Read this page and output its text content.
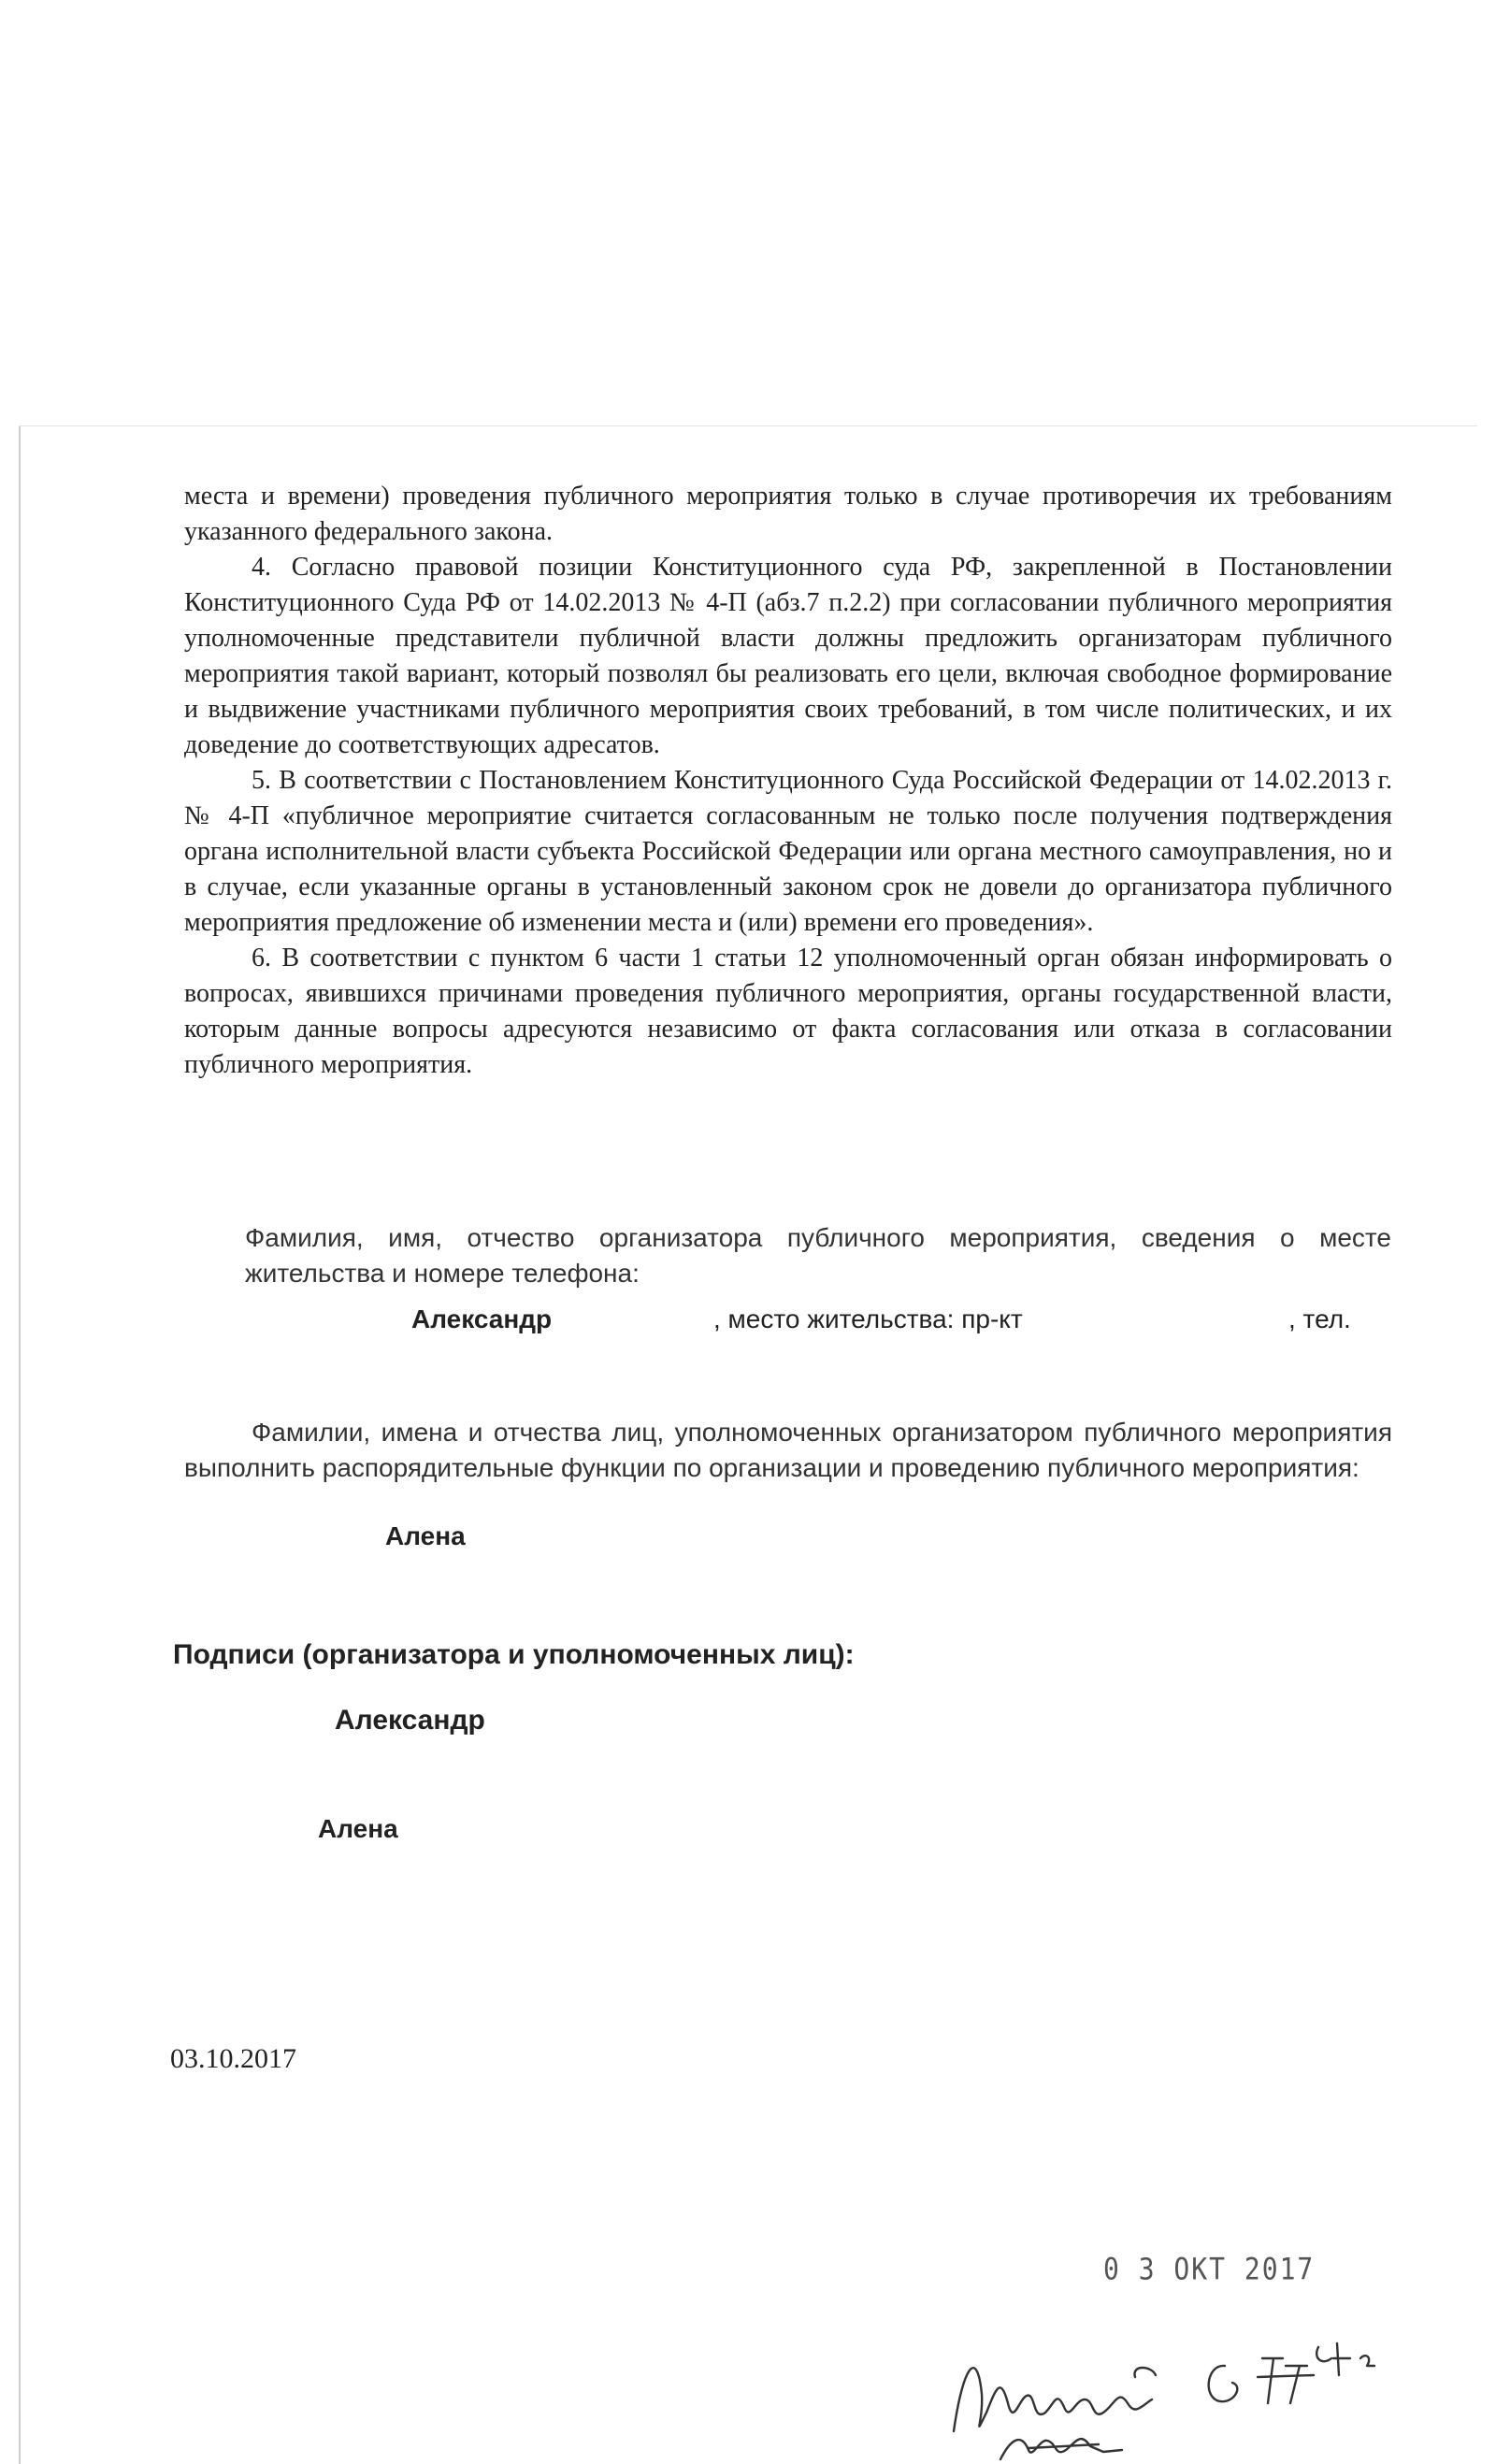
места и времени) проведения публичного мероприятия только в случае противоречия их требованиям указанного федерального закона.

4. Согласно правовой позиции Конституционного суда РФ, закрепленной в Постановлении Конституционного Суда РФ от 14.02.2013 № 4-П (абз.7 п.2.2) при согласовании публичного мероприятия уполномоченные представители публичной власти должны предложить организаторам публичного мероприятия такой вариант, который позволял бы реализовать его цели, включая свободное формирование и выдвижение участниками публичного мероприятия своих требований, в том числе политических, и их доведение до соответствующих адресатов.

5. В соответствии с Постановлением Конституционного Суда Российской Федерации от 14.02.2013 г. № 4-П «публичное мероприятие считается согласованным не только после получения подтверждения органа исполнительной власти субъекта Российской Федерации или органа местного самоуправления, но и в случае, если указанные органы в установленный законом срок не довели до организатора публичного мероприятия предложение об изменении места и (или) времени его проведения».

6. В соответствии с пунктом 6 части 1 статьи 12 уполномоченный орган обязан информировать о вопросах, явившихся причинами проведения публичного мероприятия, органы государственной власти, которым данные вопросы адресуются независимо от факта согласования или отказа в согласовании публичного мероприятия.

Фамилия, имя, отчество организатора публичного мероприятия, сведения о месте жительства и номере телефона:

Александр	, место жительства: пр-кт	, тел.

Фамилии, имена и отчества лиц, уполномоченных организатором публичного мероприятия выполнить распорядительные функции по организации и проведению публичного мероприятия:

Алена
Подписи (организатора и уполномоченных лиц):
Александр
Алена
03.10.2017
0 3 ОКТ 2017
